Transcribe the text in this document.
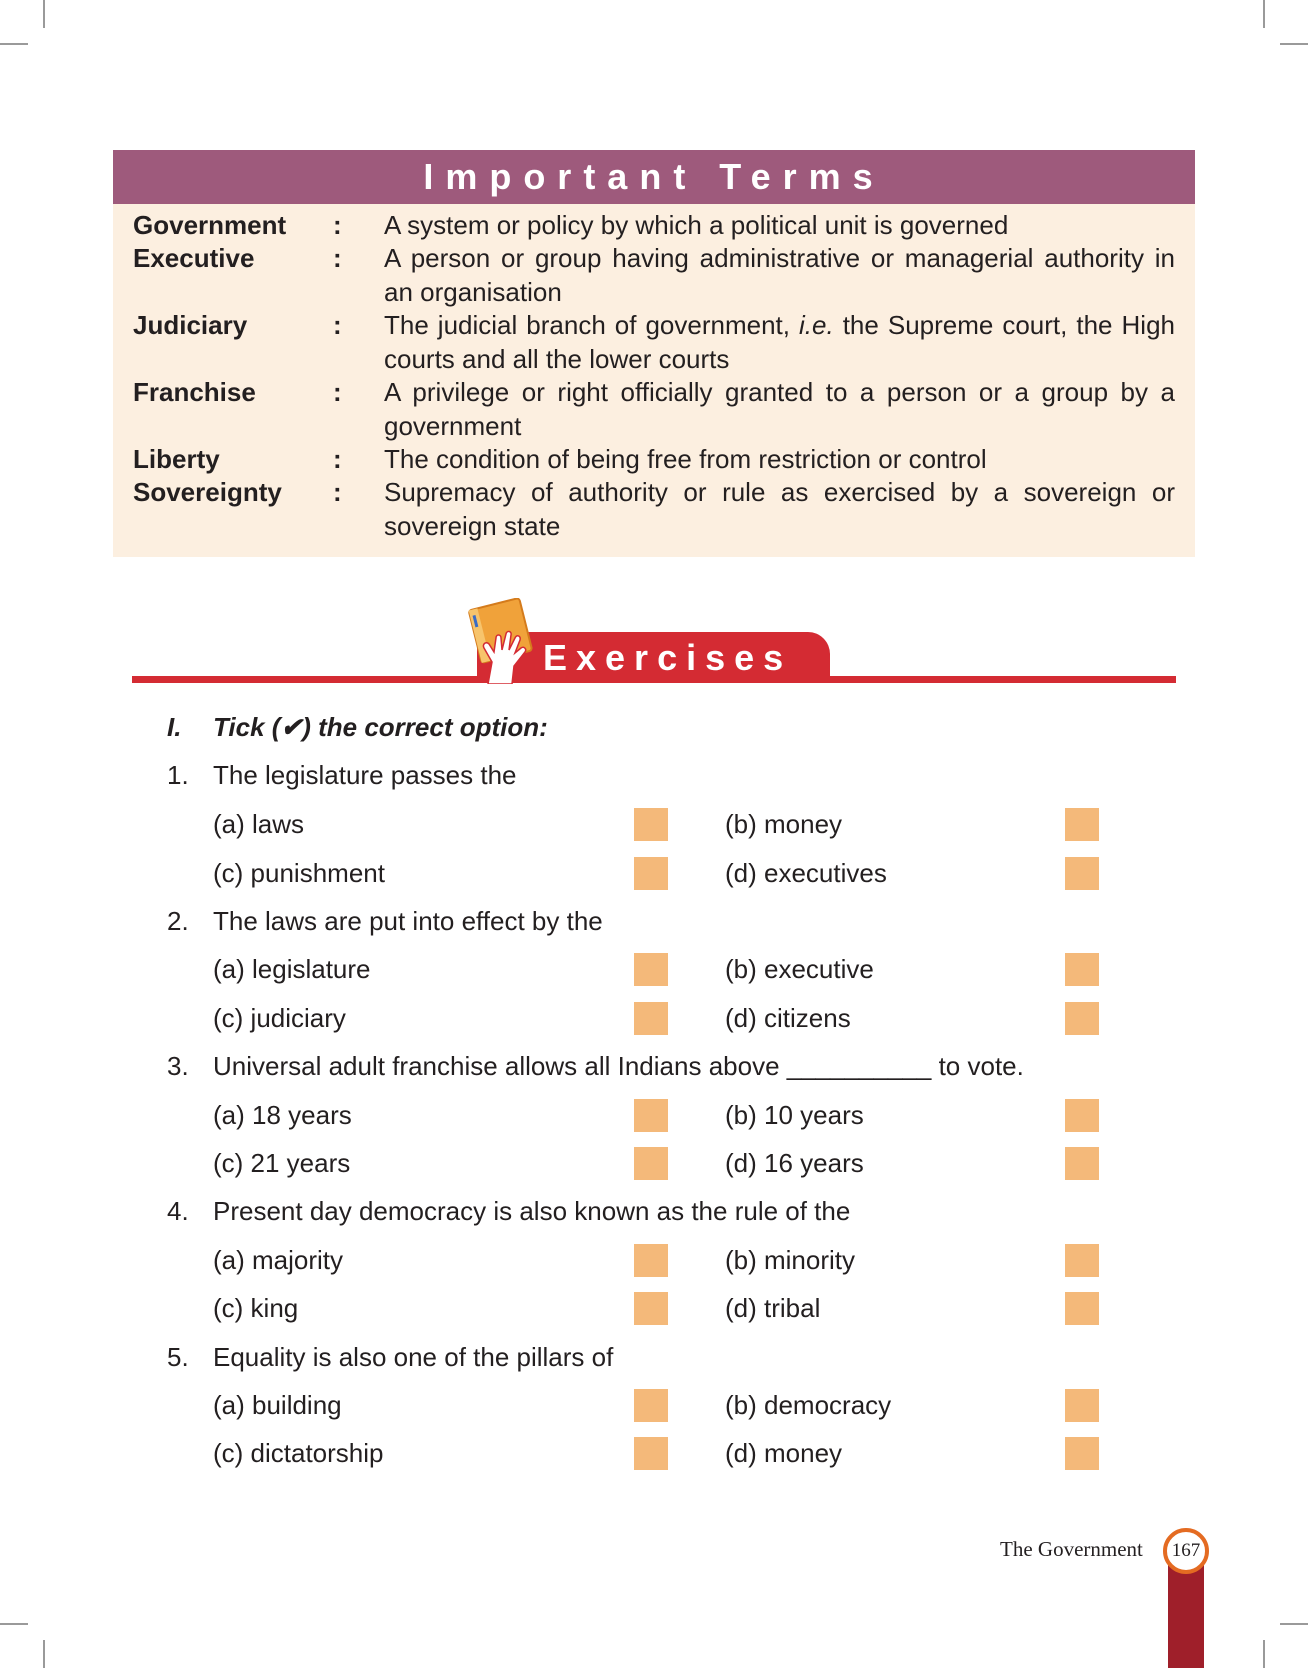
Important Terms
Government : A system or policy by which a political unit is governed
Executive	: A person or group having administrative or managerial authority in an organisation
Judiciary	: The judicial branch of government, i.e. the Supreme court, the High courts and all the lower courts
Franchise	: A privilege or right officially granted to a person or a group by a government
Liberty	: The condition of being free from restriction or control
Sovereignty : Supremacy of authority or rule as exercised by a sovereign or sovereign state
Exercises
I. Tick (✔) the correct option:
1. The legislature passes the
(a) laws	(b) money
(c) punishment	(d) executives
2. The laws are put into effect by the
(a) legislature	(b) executive
(c) judiciary	(d) citizens
3. Universal adult franchise allows all Indians above __________ to vote.
(a) 18 years	(b) 10 years
(c) 21 years	(d) 16 years
4. Present day democracy is also known as the rule of the
(a) majority	(b) minority
(c) king	(d) tribal
5. Equality is also one of the pillars of
(a) building	(b) democracy
(c) dictatorship	(d) money
The Government	167
